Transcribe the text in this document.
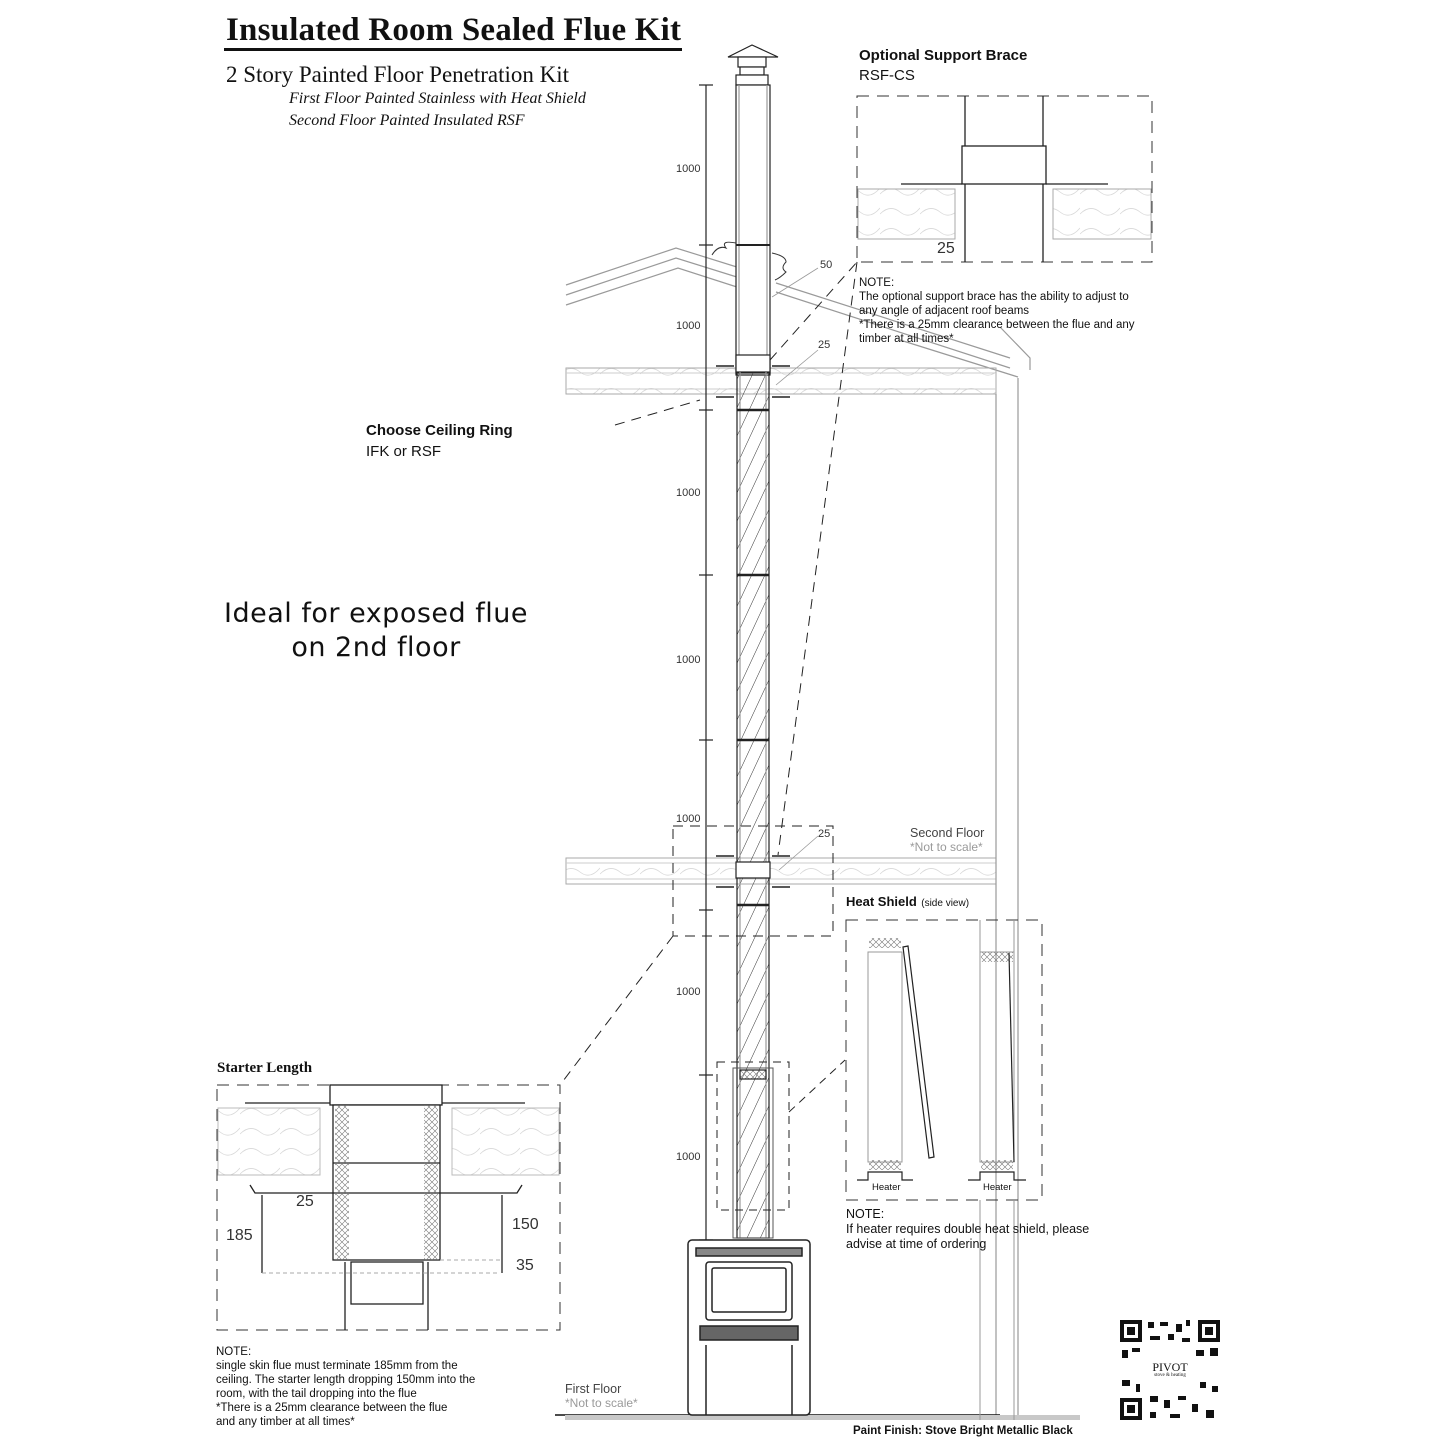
Insulated Room Sealed Flue Kit
2 Story Painted Floor Penetration Kit
First Floor Painted Stainless with Heat Shield
Second Floor Painted Insulated RSF
Ideal for exposed flue
on 2nd floor
Choose Ceiling Ring
IFK or RSF
1000
1000
1000
1000
1000
1000
1000
50
25
25	Second Floor
*Not to scale*
First Floor
*Not to scale*
Optional Support Brace
RSF-CS
25
NOTE:
The optional support brace has the ability to adjust to
any angle of adjacent roof beams
*There is a 25mm clearance between the flue and any
timber at all times*
Heat Shield (side view)
Heater	Heater
NOTE:
If heater requires double heat shield, please
advise at time of ordering
Starter Length
25
185
150
35
NOTE:
single skin flue must terminate 185mm from the
ceiling. The starter length dropping 150mm into the
room, with the tail dropping into the flue
*There is a 25mm clearance between the flue
and any timber at all times*
Paint Finish: Stove Bright Metallic Black
PIVOT
stove & heating
